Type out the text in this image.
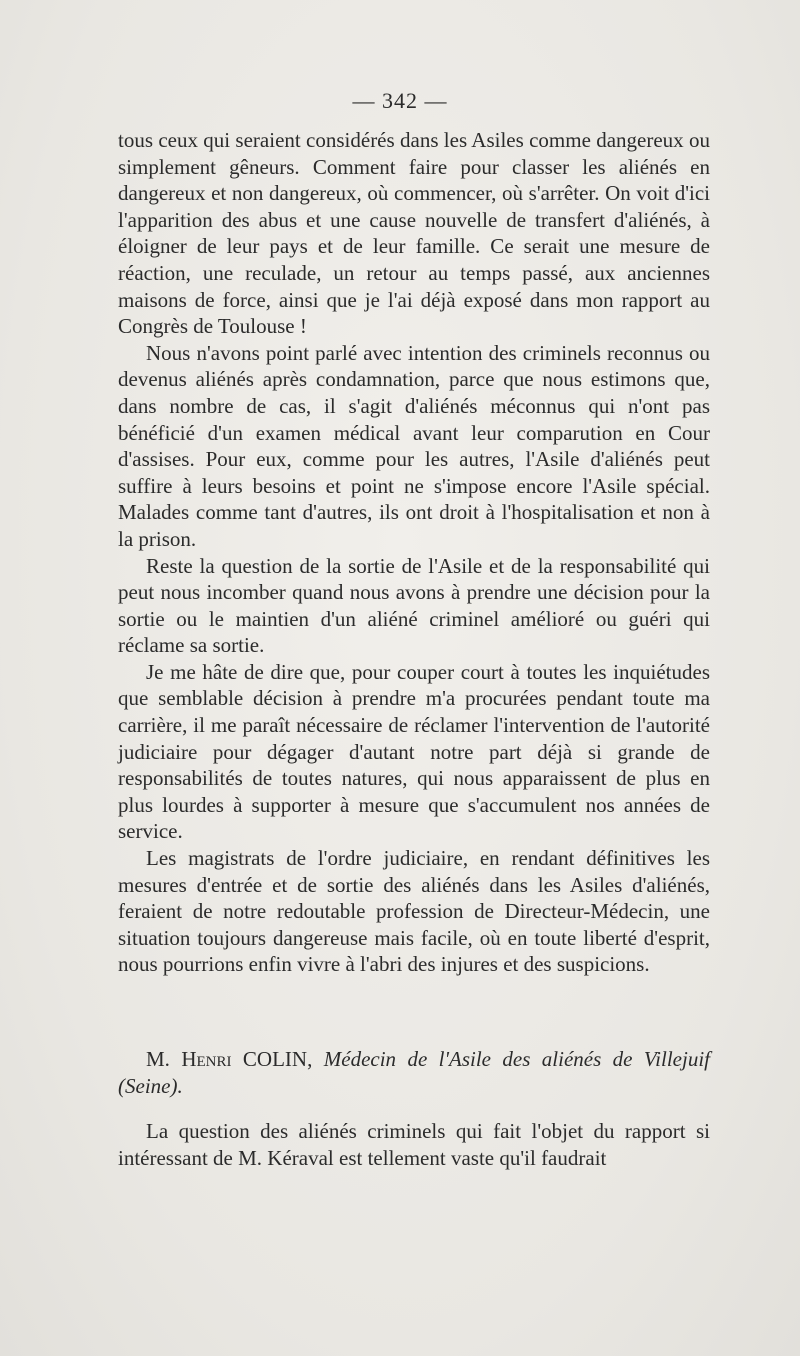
— 342 —

tous ceux qui seraient considérés dans les Asiles comme dangereux ou simplement gêneurs. Comment faire pour classer les aliénés en dangereux et non dangereux, où commencer, où s'arrêter. On voit d'ici l'apparition des abus et une cause nouvelle de transfert d'aliénés, à éloigner de leur pays et de leur famille. Ce serait une mesure de réaction, une reculade, un retour au temps passé, aux anciennes maisons de force, ainsi que je l'ai déjà exposé dans mon rapport au Congrès de Toulouse !

Nous n'avons point parlé avec intention des criminels reconnus ou devenus aliénés après condamnation, parce que nous estimons que, dans nombre de cas, il s'agit d'aliénés méconnus qui n'ont pas bénéficié d'un examen médical avant leur comparution en Cour d'assises. Pour eux, comme pour les autres, l'Asile d'aliénés peut suffire à leurs besoins et point ne s'impose encore l'Asile spécial. Malades comme tant d'autres, ils ont droit à l'hospitalisation et non à la prison.

Reste la question de la sortie de l'Asile et de la responsabilité qui peut nous incomber quand nous avons à prendre une décision pour la sortie ou le maintien d'un aliéné criminel amélioré ou guéri qui réclame sa sortie.

Je me hâte de dire que, pour couper court à toutes les inquiétudes que semblable décision à prendre m'a procurées pendant toute ma carrière, il me paraît nécessaire de réclamer l'intervention de l'autorité judiciaire pour dégager d'autant notre part déjà si grande de responsabilités de toutes natures, qui nous apparaissent de plus en plus lourdes à supporter à mesure que s'accumulent nos années de service.

Les magistrats de l'ordre judiciaire, en rendant définitives les mesures d'entrée et de sortie des aliénés dans les Asiles d'aliénés, feraient de notre redoutable profession de Directeur-Médecin, une situation toujours dangereuse mais facile, où en toute liberté d'esprit, nous pourrions enfin vivre à l'abri des injures et des suspicions.

M. Henri COLIN, Médecin de l'Asile des aliénés de Villejuif (Seine).

La question des aliénés criminels qui fait l'objet du rapport si intéressant de M. Kéraval est tellement vaste qu'il faudrait
